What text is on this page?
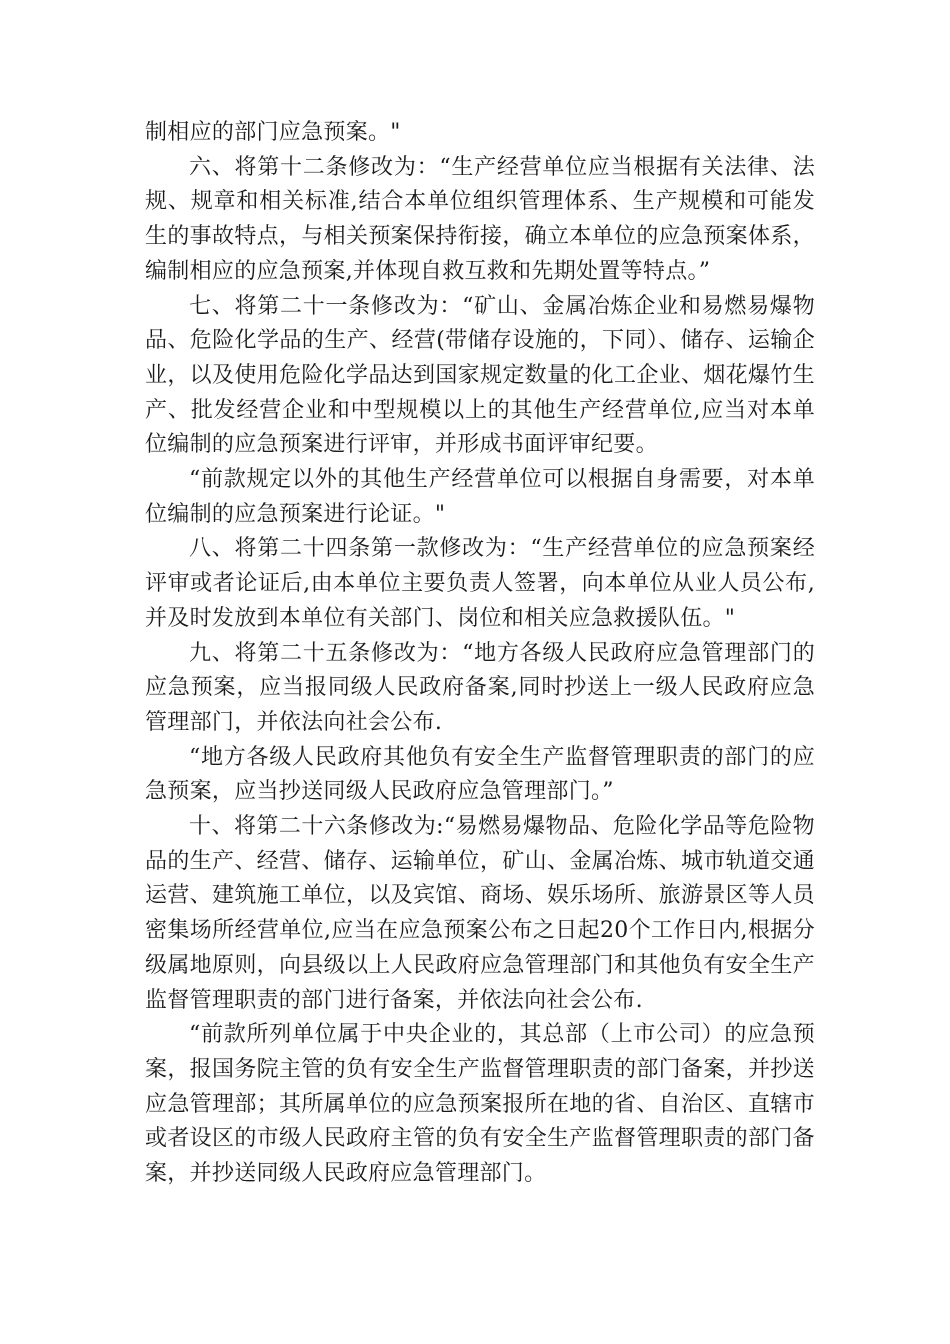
制相应的部门应急预案。"

六、将第十二条修改为：“生产经营单位应当根据有关法律、法规、规章和相关标准,结合本单位组织管理体系、生产规模和可能发生的事故特点，与相关预案保持衔接，确立本单位的应急预案体系，编制相应的应急预案,并体现自救互救和先期处置等特点。”

七、将第二十一条修改为：“矿山、金属冶炼企业和易燃易爆物品、危险化学品的生产、经营(带储存设施的，下同）、储存、运输企业，以及使用危险化学品达到国家规定数量的化工企业、烟花爆竹生产、批发经营企业和中型规模以上的其他生产经营单位,应当对本单位编制的应急预案进行评审，并形成书面评审纪要。

“前款规定以外的其他生产经营单位可以根据自身需要，对本单位编制的应急预案进行论证。"

八、将第二十四条第一款修改为：“生产经营单位的应急预案经评审或者论证后,由本单位主要负责人签署，向本单位从业人员公布,并及时发放到本单位有关部门、岗位和相关应急救援队伍。"

九、将第二十五条修改为：“地方各级人民政府应急管理部门的应急预案，应当报同级人民政府备案,同时抄送上一级人民政府应急管理部门，并依法向社会公布.

“地方各级人民政府其他负有安全生产监督管理职责的部门的应急预案，应当抄送同级人民政府应急管理部门。”

十、将第二十六条修改为:“易燃易爆物品、危险化学品等危险物品的生产、经营、储存、运输单位，矿山、金属冶炼、城市轨道交通运营、建筑施工单位，以及宾馆、商场、娱乐场所、旅游景区等人员密集场所经营单位,应当在应急预案公布之日起20个工作日内,根据分级属地原则，向县级以上人民政府应急管理部门和其他负有安全生产监督管理职责的部门进行备案，并依法向社会公布.

“前款所列单位属于中央企业的，其总部（上市公司）的应急预案，报国务院主管的负有安全生产监督管理职责的部门备案，并抄送应急管理部；其所属单位的应急预案报所在地的省、自治区、直辖市或者设区的市级人民政府主管的负有安全生产监督管理职责的部门备案，并抄送同级人民政府应急管理部门。
